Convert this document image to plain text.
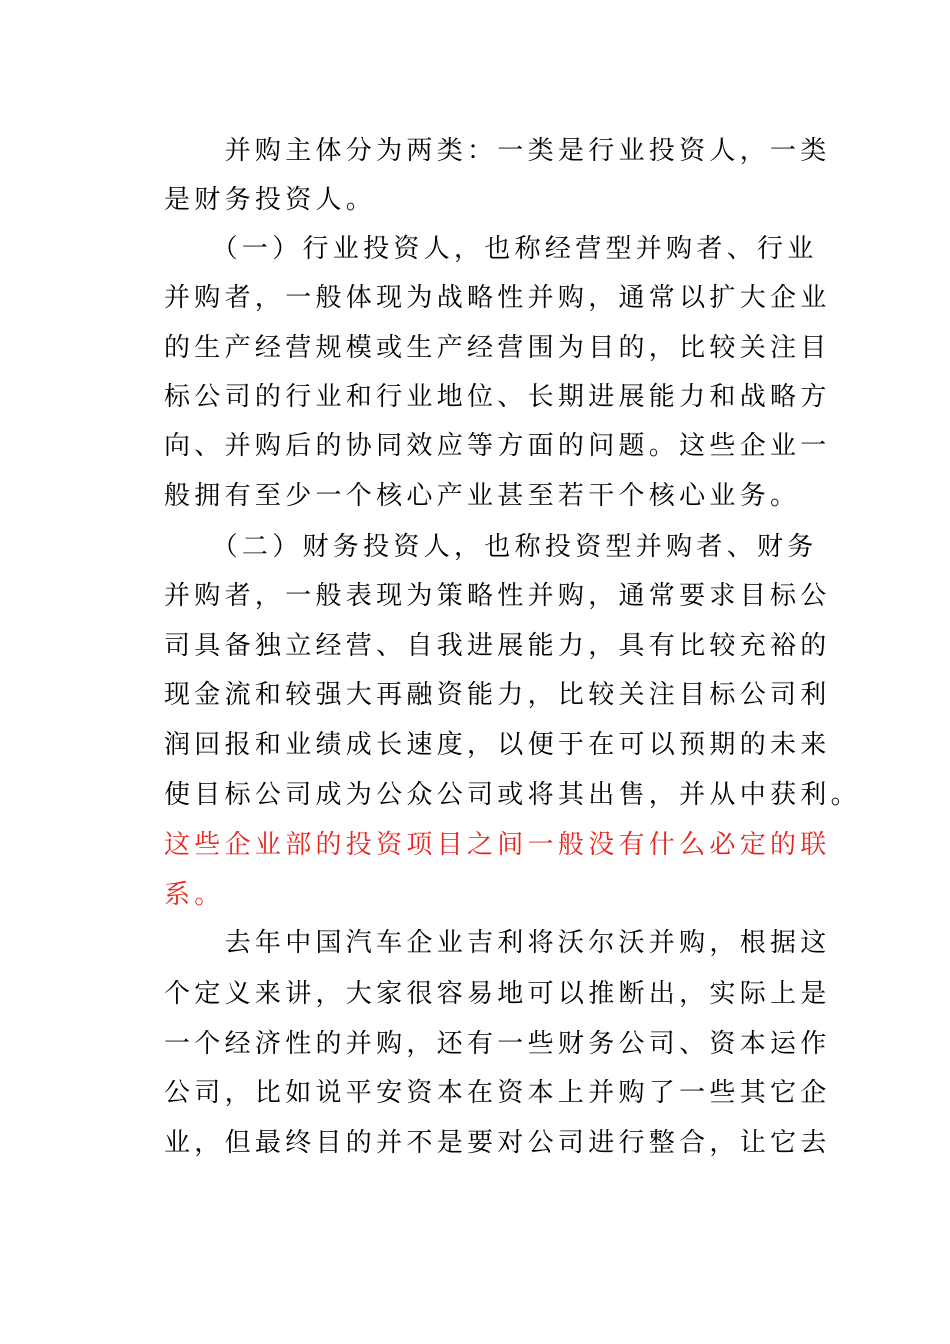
　　并购主体分为两类：一类是行业投资人，一类
是财务投资人。
　　（一）行业投资人，也称经营型并购者、行业
并购者，一般体现为战略性并购，通常以扩大企业
的生产经营规模或生产经营围为目的，比较关注目
标公司的行业和行业地位、长期进展能力和战略方
向、并购后的协同效应等方面的问题。这些企业一
般拥有至少一个核心产业甚至若干个核心业务。
　　（二）财务投资人，也称投资型并购者、财务
并购者，一般表现为策略性并购，通常要求目标公
司具备独立经营、自我进展能力，具有比较充裕的
现金流和较强大再融资能力，比较关注目标公司利
润回报和业绩成长速度，以便于在可以预期的未来
使目标公司成为公众公司或将其出售，并从中获利。
这些企业部的投资项目之间一般没有什么必定的联
系。
　　去年中国汽车企业吉利将沃尔沃并购，根据这
个定义来讲，大家很容易地可以推断出，实际上是
一个经济性的并购，还有一些财务公司、资本运作
公司，比如说平安资本在资本上并购了一些其它企
业，但最终目的并不是要对公司进行整合，让它去
